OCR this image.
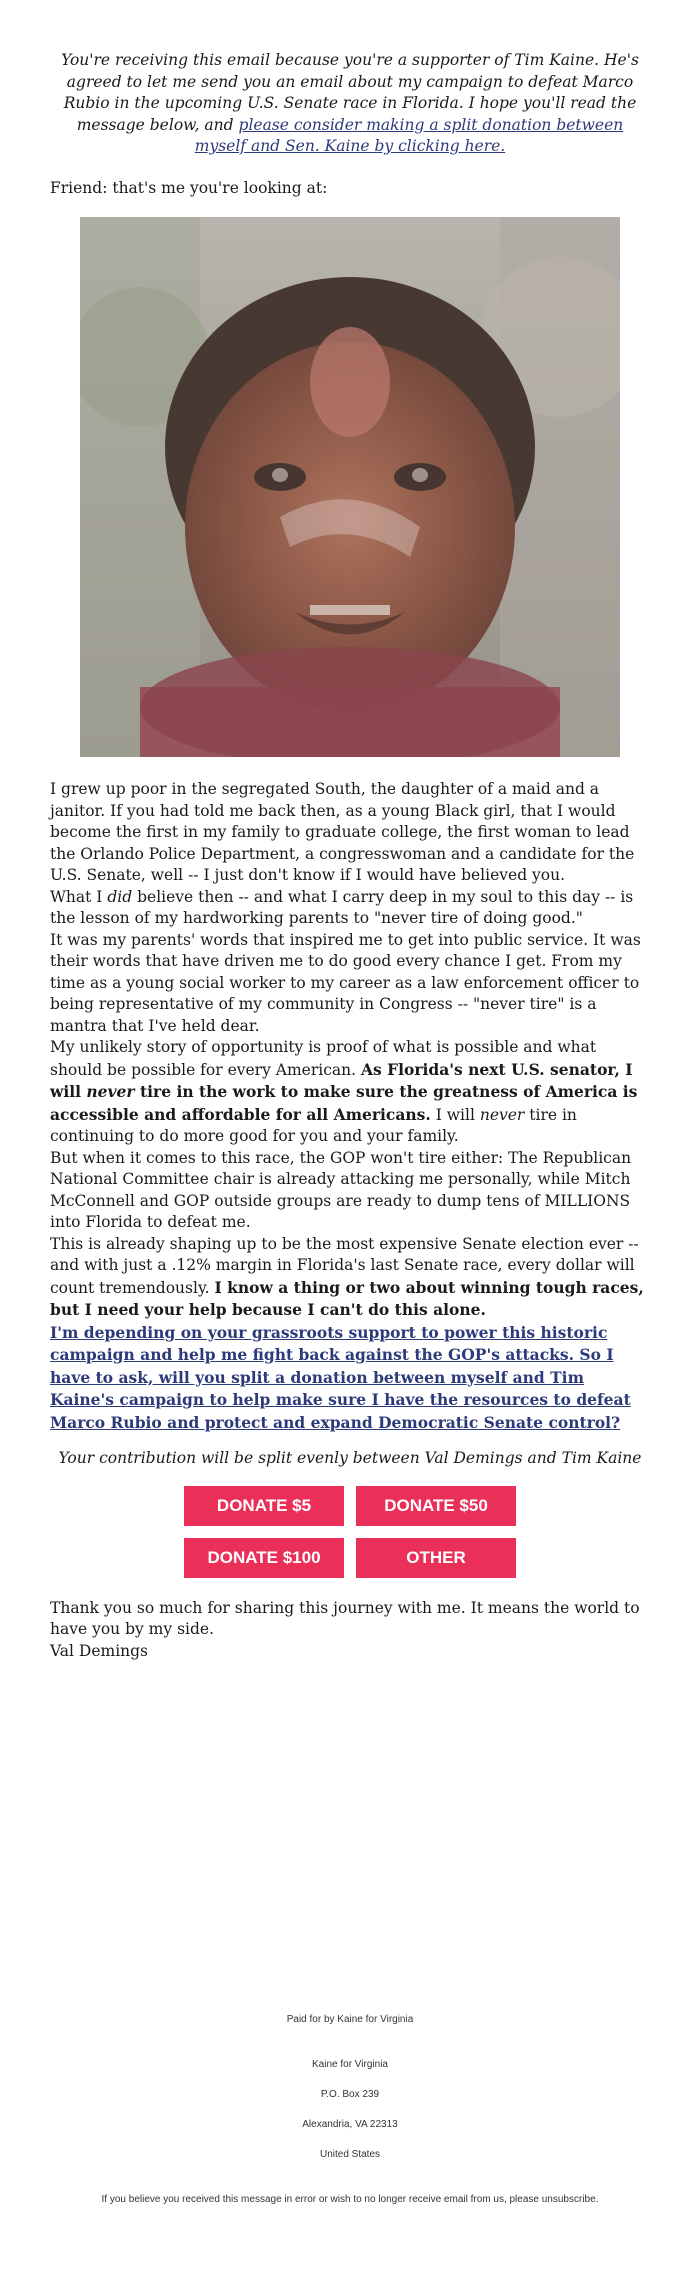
You're receiving this email because you're a supporter of Tim Kaine. He's agreed to let me send you an email about my campaign to defeat Marco Rubio in the upcoming U.S. Senate race in Florida. I hope you'll read the message below, and please consider making a split donation between myself and Sen. Kaine by clicking here.

Friend: that's me you're looking at:

I grew up poor in the segregated South, the daughter of a maid and a janitor. If you had told me back then, as a young Black girl, that I would become the first in my family to graduate college, the first woman to lead the Orlando Police Department, a congresswoman and a candidate for the U.S. Senate, well -- I just don't know if I would have believed you.

What I did believe then -- and what I carry deep in my soul to this day -- is the lesson of my hardworking parents to "never tire of doing good."

It was my parents' words that inspired me to get into public service. It was their words that have driven me to do good every chance I get. From my time as a young social worker to my career as a law enforcement officer to being representative of my community in Congress -- "never tire" is a mantra that I've held dear.

My unlikely story of opportunity is proof of what is possible and what should be possible for every American. As Florida's next U.S. senator, I will never tire in the work to make sure the greatness of America is accessible and affordable for all Americans. I will never tire in continuing to do more good for you and your family.

But when it comes to this race, the GOP won't tire either: The Republican National Committee chair is already attacking me personally, while Mitch McConnell and GOP outside groups are ready to dump tens of MILLIONS into Florida to defeat me.

This is already shaping up to be the most expensive Senate election ever -- and with just a .12% margin in Florida's last Senate race, every dollar will count tremendously. I know a thing or two about winning tough races, but I need your help because I can't do this alone.

I'm depending on your grassroots support to power this historic campaign and help me fight back against the GOP's attacks. So I have to ask, will you split a donation between myself and Tim Kaine's campaign to help make sure I have the resources to defeat Marco Rubio and protect and expand Democratic Senate control?

Your contribution will be split evenly between Val Demings and Tim Kaine

DONATE $5	DONATE $50
DONATE $100	OTHER

Thank you so much for sharing this journey with me. It means the world to have you by my side.

Val Demings

Paid for by Kaine for Virginia
Kaine for Virginia
P.O. Box 239
Alexandria, VA 22313
United States
If you believe you received this message in error or wish to no longer receive email from us, please unsubscribe.
